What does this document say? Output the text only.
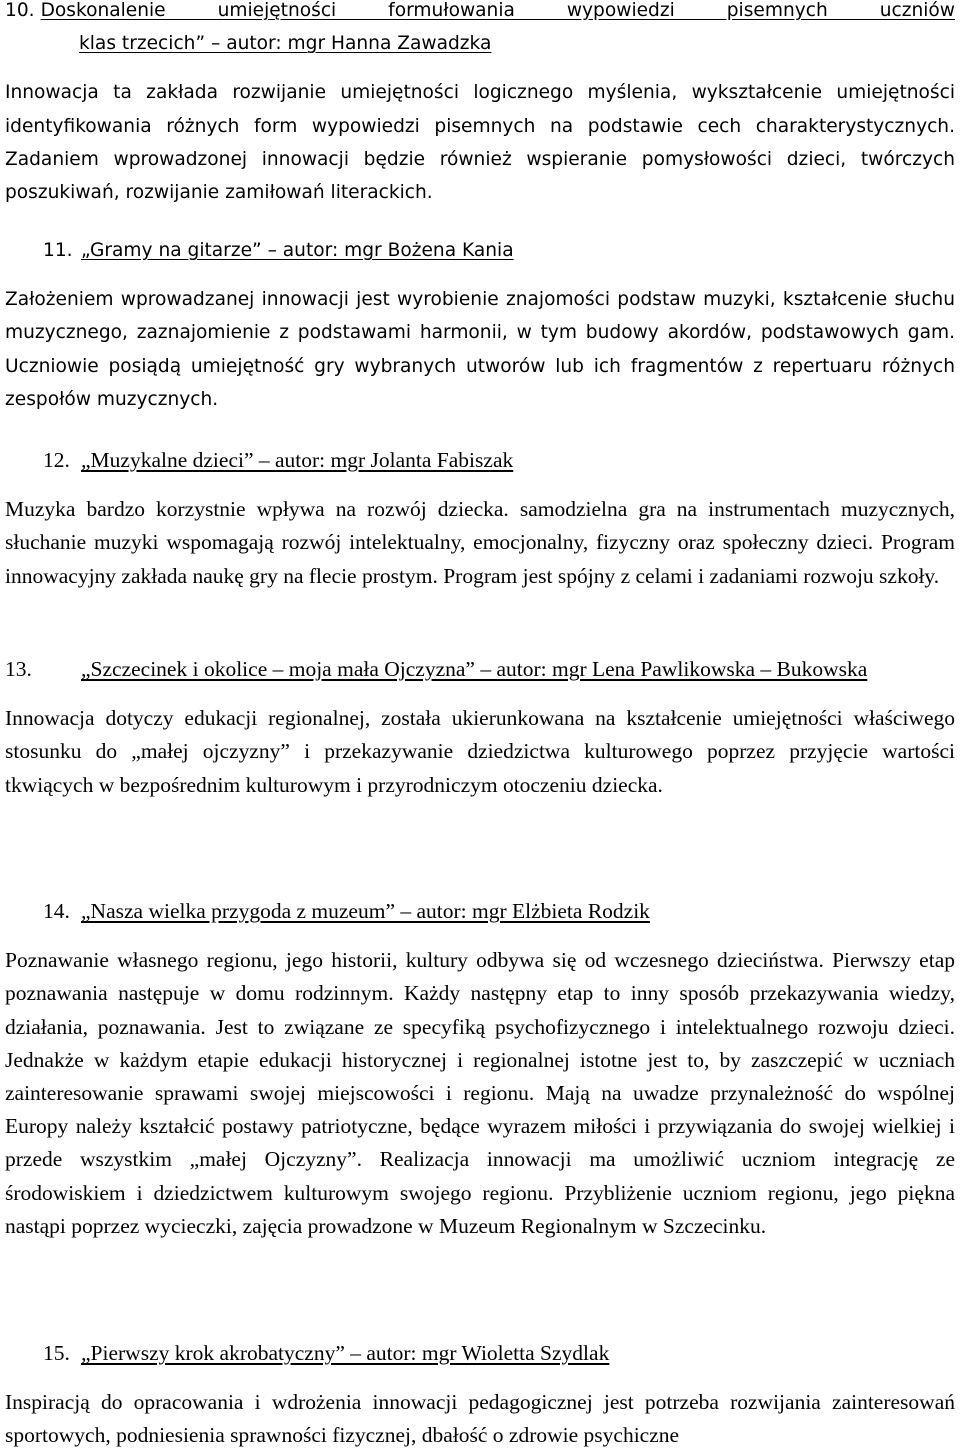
10. Doskonalenie   umiejętności   formułowania   wypowiedzi   pisemnych   uczniów
klas trzecich” – autor: mgr Hanna Zawadzka

Innowacja ta zakłada rozwijanie umiejętności logicznego myślenia, wykształcenie umiejętności identyfikowania różnych form wypowiedzi pisemnych na podstawie cech charakterystycznych. Zadaniem wprowadzonej innowacji będzie również wspieranie pomysłowości dzieci, twórczych poszukiwań, rozwijanie zamiłowań literackich.

11. „Gramy na gitarze” – autor: mgr Bożena Kania

Założeniem wprowadzanej innowacji jest wyrobienie znajomości podstaw muzyki, kształcenie słuchu muzycznego, zaznajomienie z podstawami harmonii, w tym budowy akordów, podstawowych gam. Uczniowie posiądą umiejętność gry wybranych utworów lub ich fragmentów z repertuaru różnych zespołów muzycznych.

12. „Muzykalne dzieci” – autor: mgr Jolanta Fabiszak

Muzyka bardzo korzystnie wpływa na rozwój dziecka. samodzielna gra na instrumentach muzycznych, słuchanie muzyki wspomagają rozwój intelektualny, emocjonalny, fizyczny oraz społeczny dzieci. Program innowacyjny zakłada naukę gry na flecie prostym. Program jest spójny z celami i zadaniami rozwoju szkoły.

13. „Szczecinek i okolice – moja mała Ojczyzna” – autor: mgr Lena Pawlikowska – Bukowska

Innowacja dotyczy edukacji regionalnej, została ukierunkowana na kształcenie umiejętności właściwego stosunku do „małej ojczyzny” i przekazywanie dziedzictwa kulturowego poprzez przyjęcie wartości tkwiących w bezpośrednim kulturowym i przyrodniczym otoczeniu dziecka.

14. „Nasza wielka przygoda z muzeum” – autor: mgr Elżbieta Rodzik

Poznawanie własnego regionu, jego historii, kultury odbywa się od wczesnego dzieciństwa. Pierwszy etap poznawania następuje w domu rodzinnym. Każdy następny etap to inny sposób przekazywania wiedzy, działania, poznawania. Jest to związane ze specyfiką psychofizycznego i intelektualnego rozwoju dzieci. Jednakże w każdym etapie edukacji historycznej i regionalnej istotne jest to, by zaszczepić w uczniach zainteresowanie sprawami swojej miejscowości i regionu. Mają na uwadze przynależność do wspólnej Europy należy kształcić postawy patriotyczne, będące wyrazem miłości i przywiązania do swojej wielkiej i przede wszystkim „małej Ojczyzny”. Realizacja innowacji ma umożliwić uczniom integrację ze środowiskiem i dziedzictwem kulturowym swojego regionu. Przybliżenie uczniom regionu, jego piękna nastąpi poprzez wycieczki, zajęcia prowadzone w Muzeum Regionalnym w Szczecinku.

15. „Pierwszy krok akrobatyczny” – autor: mgr Wioletta Szydlak

Inspiracją do opracowania i wdrożenia innowacji pedagogicznej jest potrzeba rozwijania zainteresowań sportowych, podniesienia sprawności fizycznej, dbałość o zdrowie psychiczne
